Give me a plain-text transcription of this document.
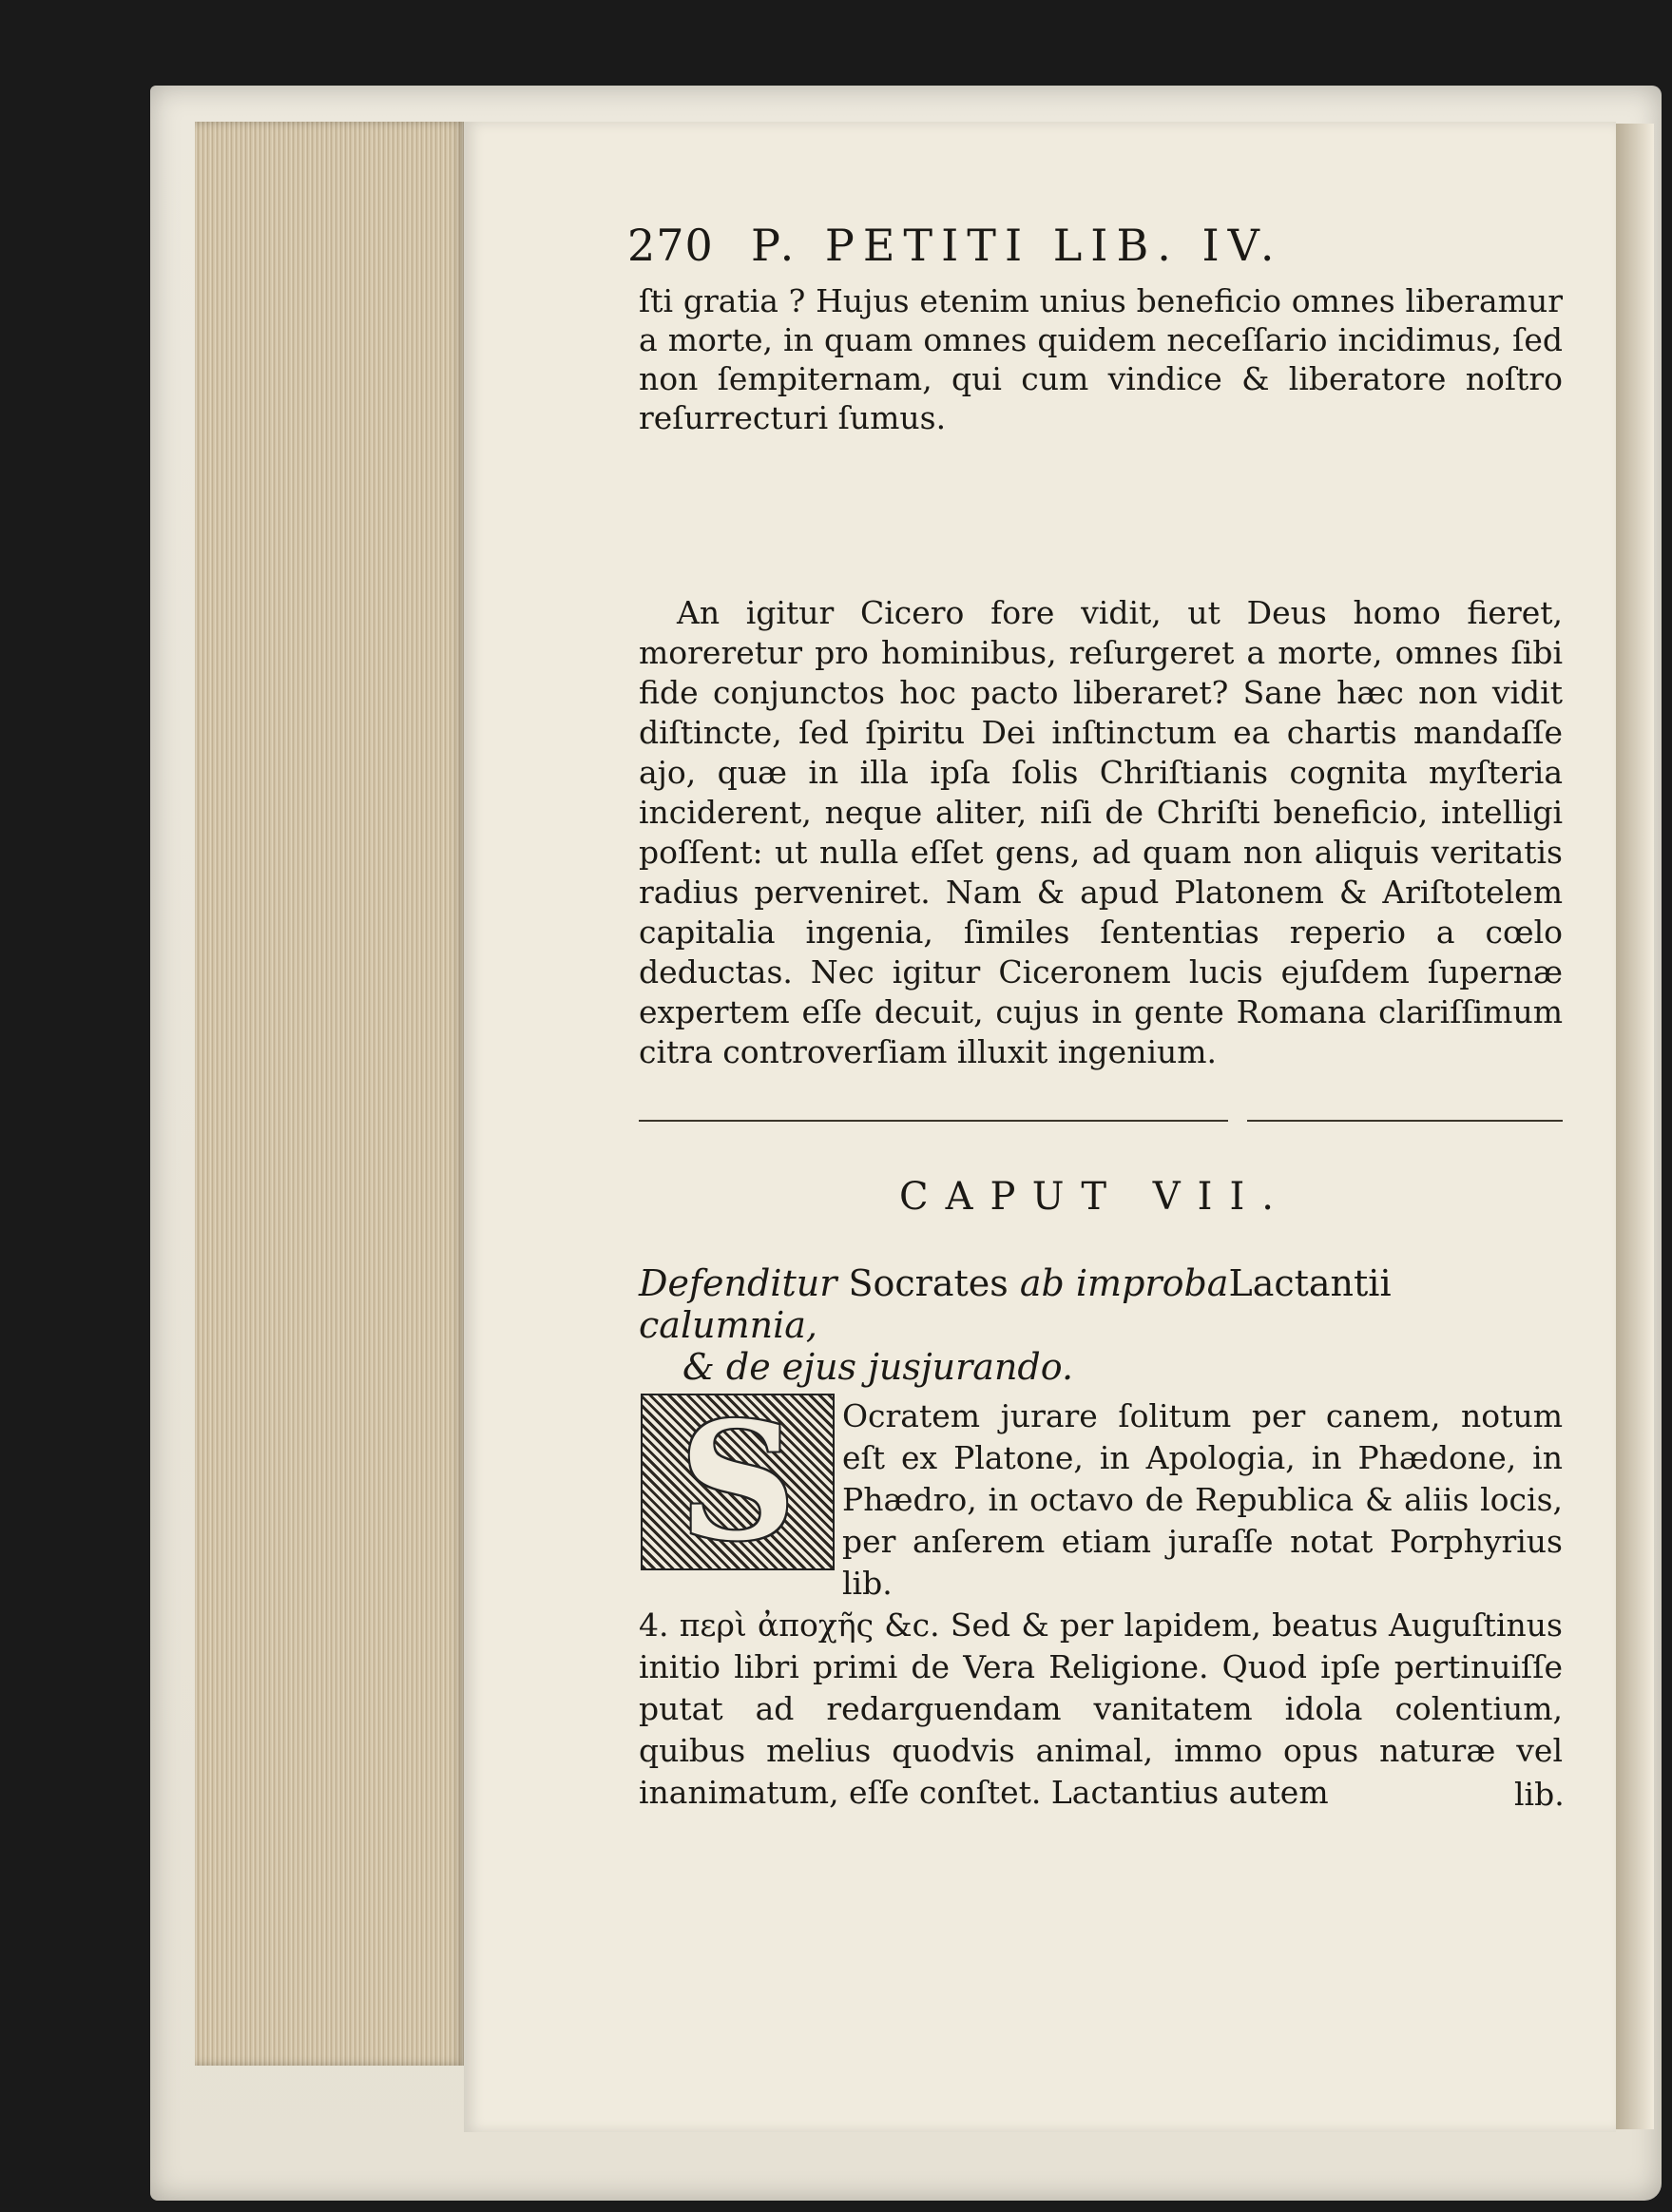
270 P. PETITI LIB. IV.
ſti gratia ? Hujus etenim unius beneficio omnes liberamur a morte, in quam omnes quidem neceſſario incidimus, ſed non ſempiternam, qui cum vindice & liberatore noſtro reſurrecturi ſumus.
An igitur Cicero fore vidit, ut Deus homo fieret, moreretur pro hominibus, reſurgeret a morte, omnes ſibi fide conjunctos hoc pacto liberaret? Sane hæc non vidit diſtincte, ſed ſpiritu Dei inſtinctum ea chartis mandaſſe ajo, quæ in illa ipſa ſolis Chriſtianis cognita myſteria inciderent, neque aliter, niſi de Chriſti beneficio, intelligi poſſent: ut nulla eſſet gens, ad quam non aliquis veritatis radius perveniret. Nam & apud Platonem & Ariſtotelem capitalia ingenia, ſimiles ſententias reperio a cœlo deductas. Nec igitur Ciceronem lucis ejuſdem ſupernæ expertem eſſe decuit, cujus in gente Romana clariſſimum citra controverſiam illuxit ingenium.
CAPUT VII.
Defenditur Socrates ab improbaLactantii calumnia,
& de ejus jusjurando.
S Ocratem jurare ſolitum per canem, notum eſt ex Platone, in Apologia, in Phædone, in Phædro, in octavo de Republica & aliis locis, per anſerem etiam juraſſe notat Porphyrius lib.
4. περὶ ἀποχῆς &c. Sed & per lapidem, beatus Auguſtinus initio libri primi de Vera Religione. Quod ipſe pertinuiſſe putat ad redarguendam vanitatem idola colentium, quibus melius quodvis animal, immo opus naturæ vel inanimatum, eſſe conſtet. Lactantius autem	lib.
